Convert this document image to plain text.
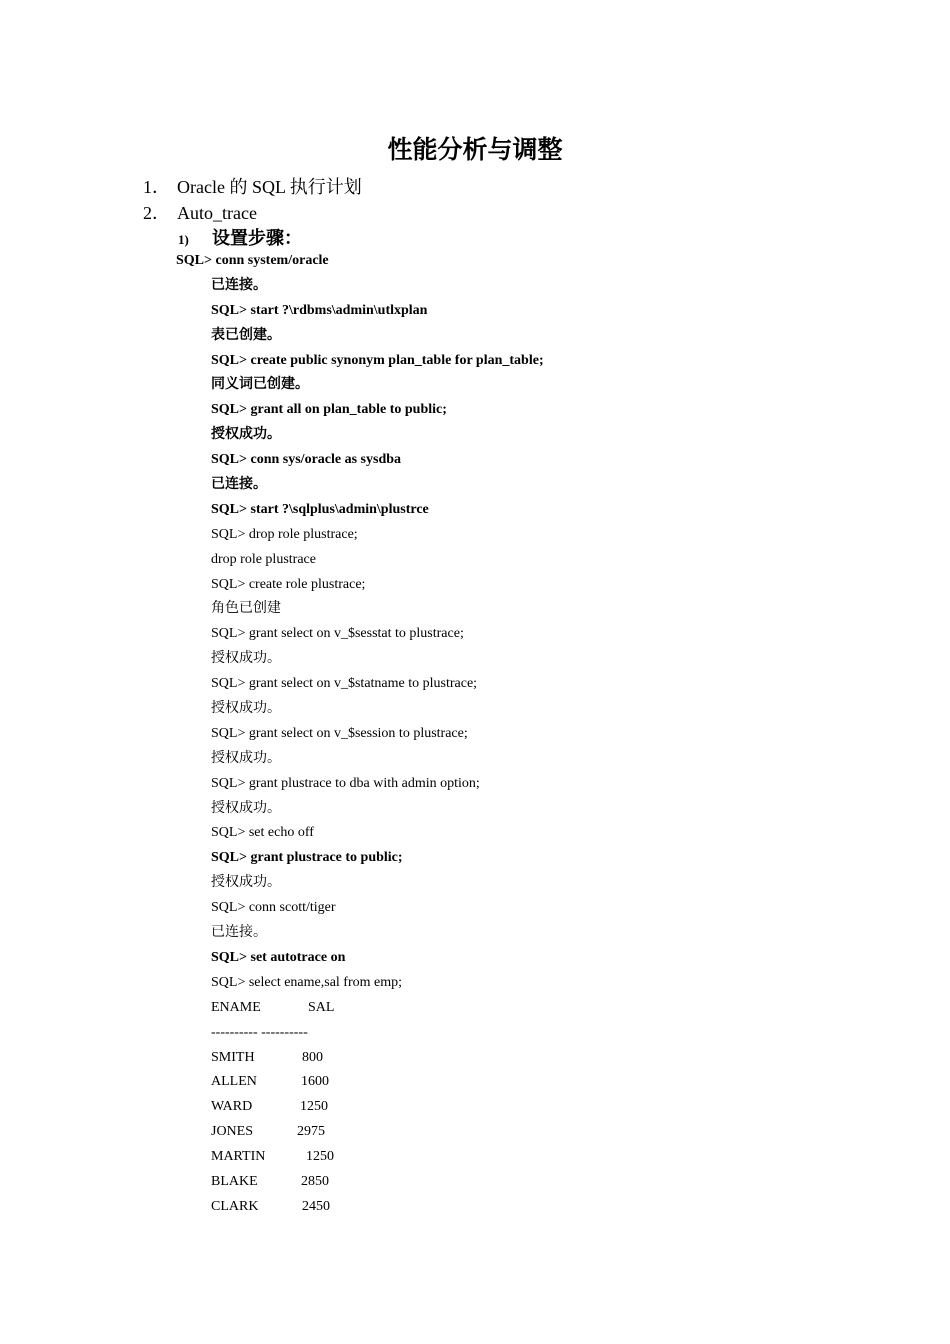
性能分析与调整
1． Oracle 的 SQL 执行计划
2． Auto_trace
1) 设置步骤：
SQL> conn system/oracle
已连接。
SQL> start ?\rdbms\admin\utlxplan
表已创建。
SQL> create public synonym plan_table for plan_table;
同义词已创建。
SQL> grant all on plan_table to public;
授权成功。
SQL> conn sys/oracle as sysdba
已连接。
SQL> start ?\sqlplus\admin\plustrce
SQL> drop role plustrace;
drop role plustrace
SQL> create role plustrace;
角色已创建
SQL> grant select on v_$sesstat to plustrace;
授权成功。
SQL> grant select on v_$statname to plustrace;
授权成功。
SQL> grant select on v_$session to plustrace;
授权成功。
SQL> grant plustrace to dba with admin option;
授权成功。
SQL> set echo off
SQL> grant plustrace to public;
授权成功。
SQL> conn scott/tiger
已连接。
SQL> set autotrace on
SQL> select ename,sal from emp;
ENAME	SAL
---------- ----------
SMITH	800
ALLEN	1600
WARD	1250
JONES	2975
MARTIN	1250
BLAKE	2850
CLARK	2450
